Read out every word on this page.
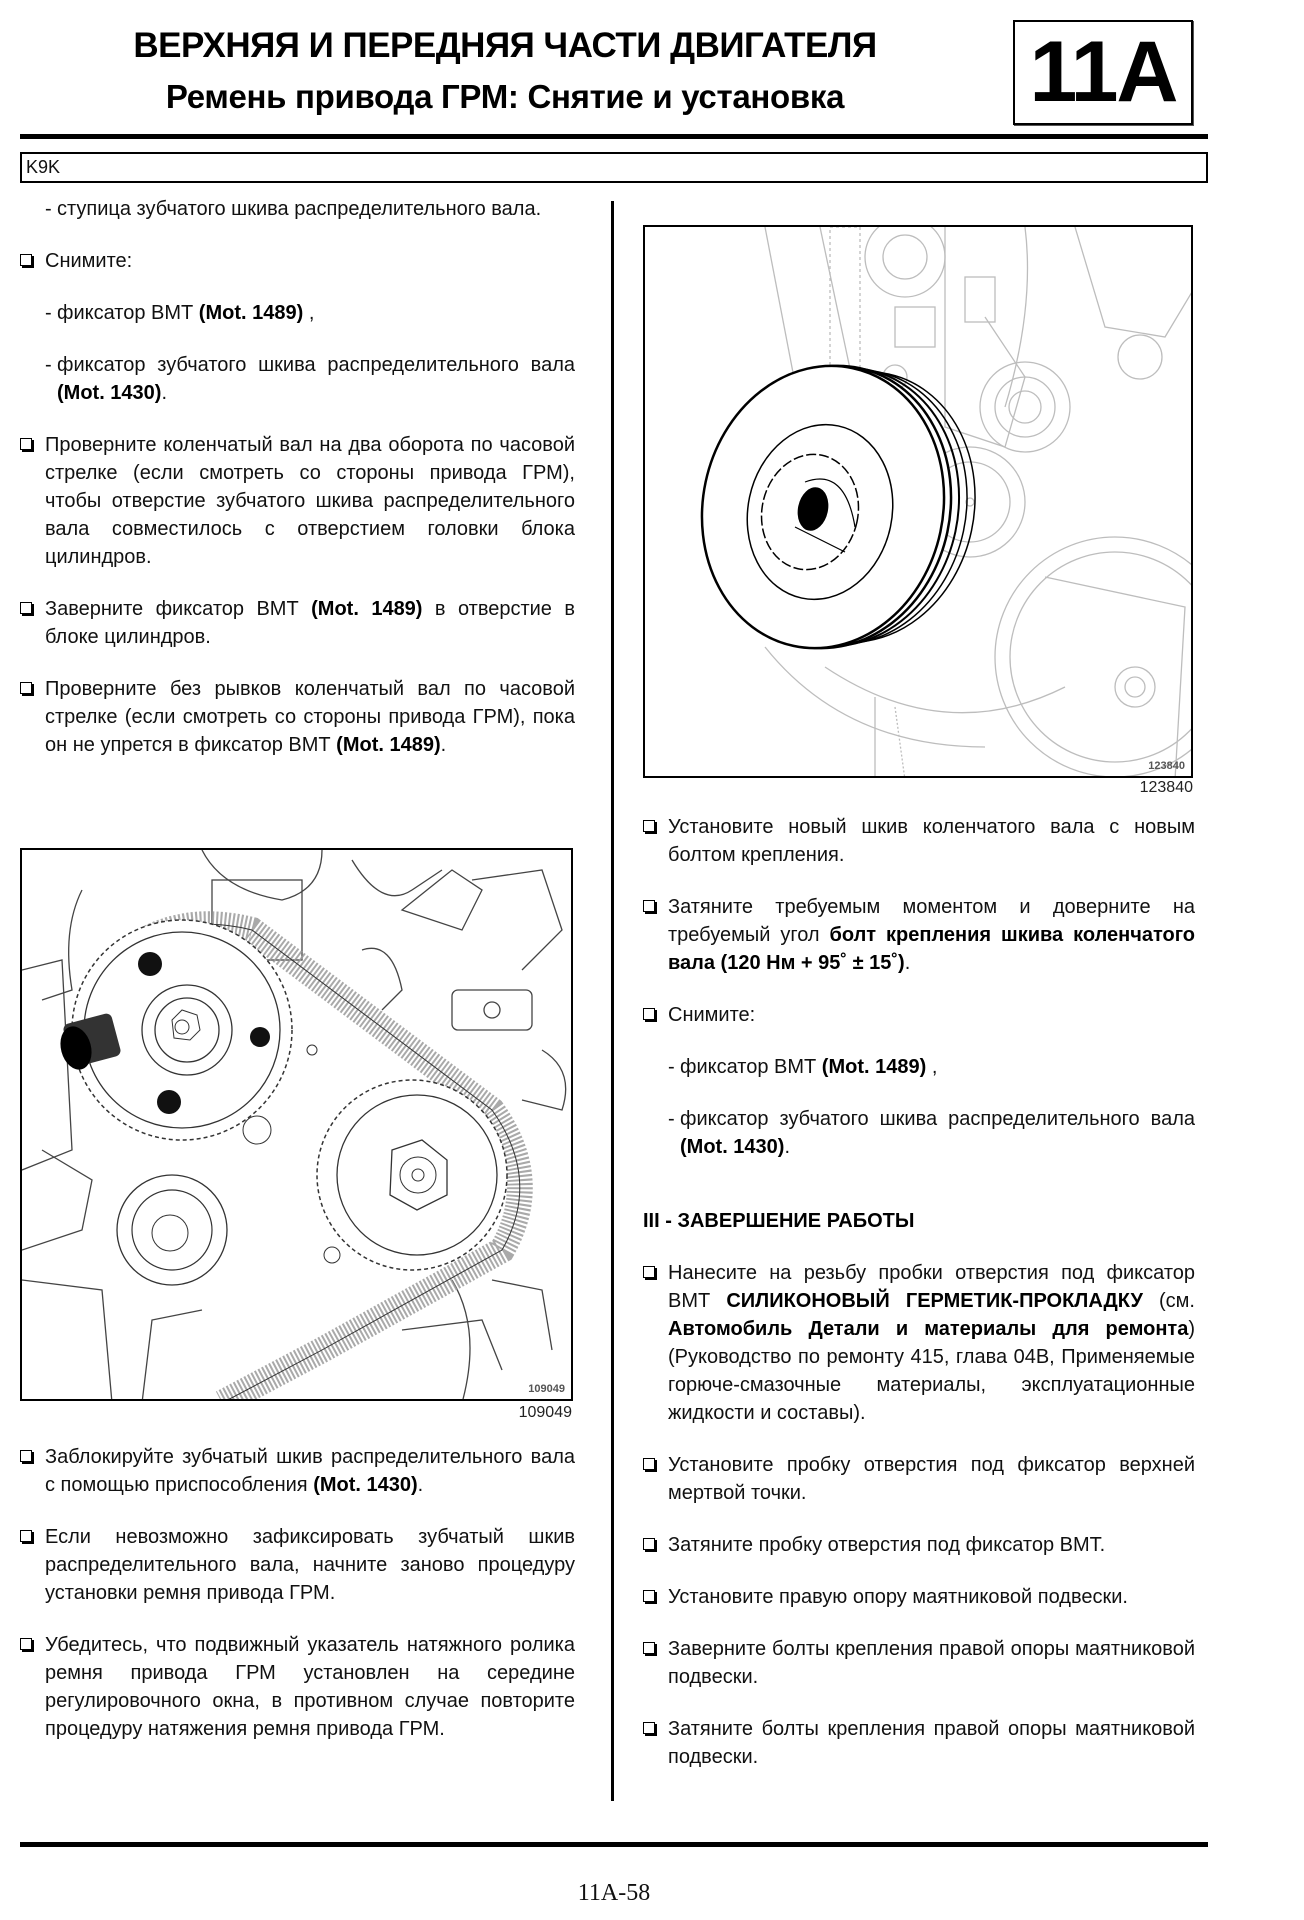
ВЕРХНЯЯ И ПЕРЕДНЯЯ ЧАСТИ ДВИГАТЕЛЯ
Ремень привода ГРМ: Снятие и установка	11A
K9K
- ступица зубчатого шкива распределительного вала.
Снимите:
- фиксатор ВМТ (Mot. 1489) ,
- фиксатор зубчатого шкива распределительного вала (Mot. 1430).
Проверните коленчатый вал на два оборота по часовой стрелке (если смотреть со стороны привода ГРМ), чтобы отверстие зубчатого шкива распределительного вала совместилось с отверстием головки блока цилиндров.
Заверните фиксатор ВМТ (Mot. 1489) в отверстие в блоке цилиндров.
Проверните без рывков коленчатый вал по часовой стрелке (если смотреть со стороны привода ГРМ), пока он не упрется в фиксатор ВМТ (Mot. 1489).
109049
109049
Заблокируйте зубчатый шкив распределительного вала с помощью приспособления (Mot. 1430).
Если невозможно зафиксировать зубчатый шкив распределительного вала, начните заново процедуру установки ремня привода ГРМ.
Убедитесь, что подвижный указатель натяжного ролика ремня привода ГРМ установлен на середине регулировочного окна, в противном случае повторите процедуру натяжения ремня привода ГРМ.
123840
123840
Установите новый шкив коленчатого вала с новым болтом крепления.
Затяните требуемым моментом и доверните на требуемый угол болт крепления шкива коленчатого вала (120 Нм + 95˚ ± 15˚).
Снимите:
- фиксатор ВМТ (Mot. 1489) ,
- фиксатор зубчатого шкива распределительного вала (Mot. 1430).
III - ЗАВЕРШЕНИЕ РАБОТЫ
Нанесите на резьбу пробки отверстия под фиксатор ВМТ СИЛИКОНОВЫЙ ГЕРМЕТИК-ПРОКЛАДКУ (см. Автомобиль Детали и материалы для ремонта) (Руководство по ремонту 415, глава 04B, Применяемые горюче-смазочные материалы, эксплуатационные жидкости и составы).
Установите пробку отверстия под фиксатор верхней мертвой точки.
Затяните пробку отверстия под фиксатор ВМТ.
Установите правую опору маятниковой подвески.
Заверните болты крепления правой опоры маятниковой подвески.
Затяните болты крепления правой опоры маятниковой подвески.
11A-58
